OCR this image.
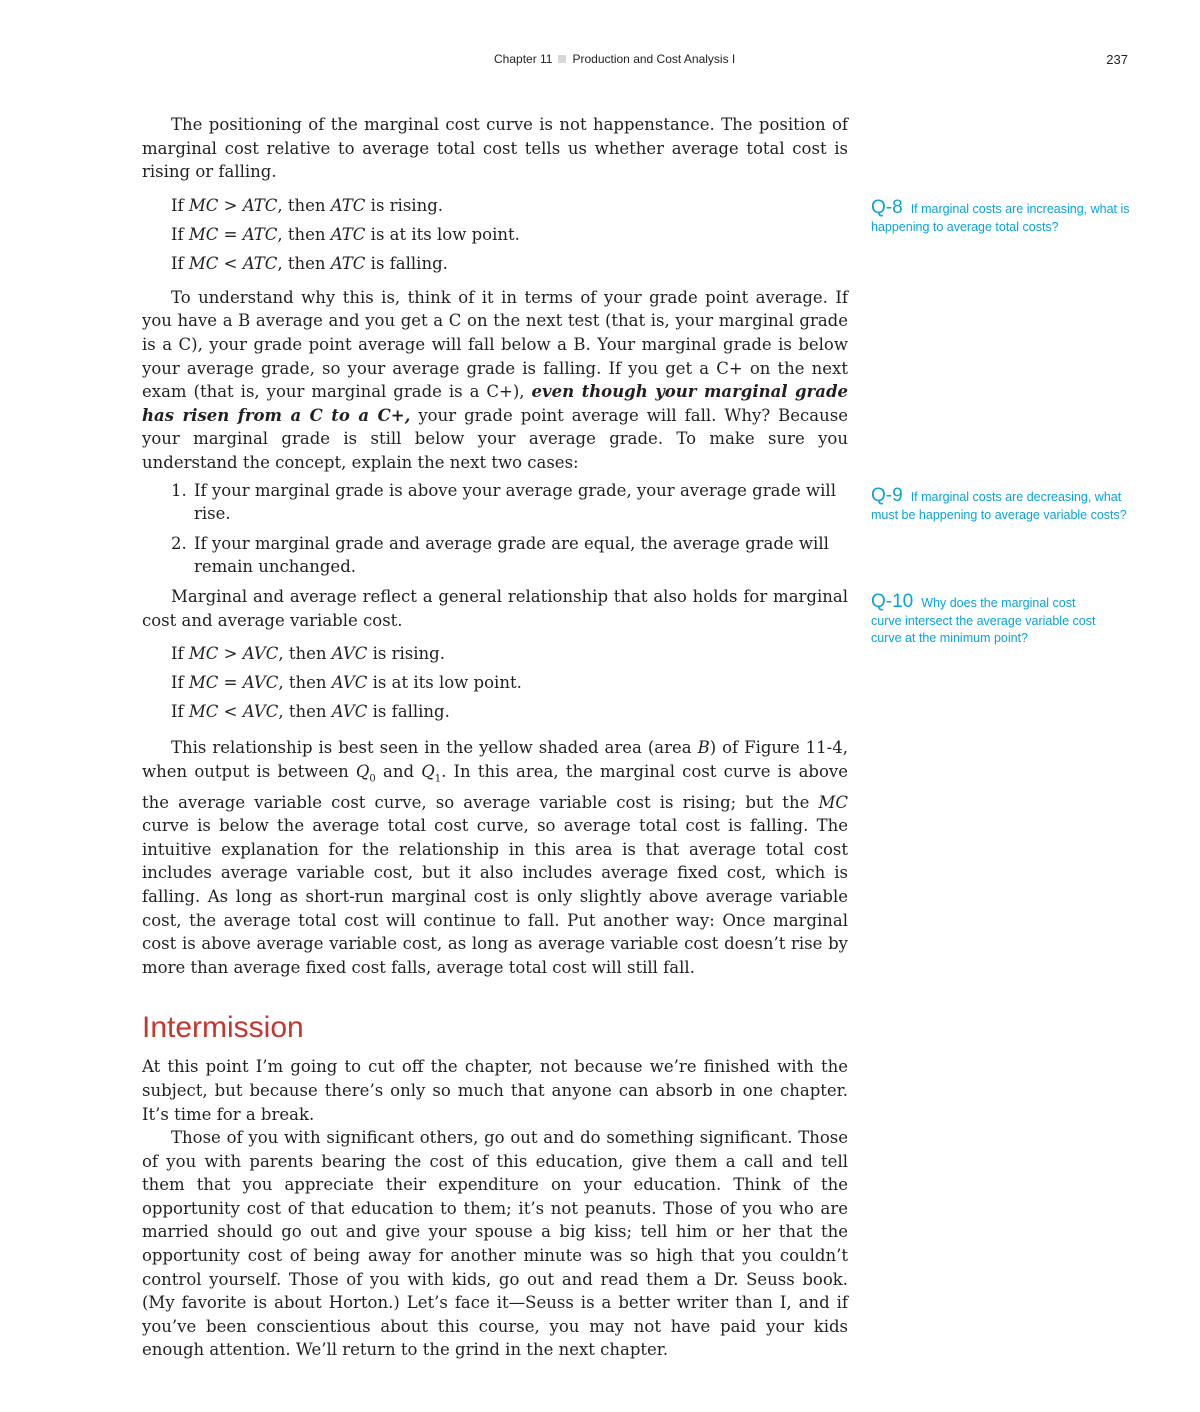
Chapter 11 Production and Cost Analysis I	237

The positioning of the marginal cost curve is not happenstance. The position of marginal cost relative to average total cost tells us whether average total cost is rising or falling.

If MC > ATC, then ATC is rising.
If MC = ATC, then ATC is at its low point.
If MC < ATC, then ATC is falling.

To understand why this is, think of it in terms of your grade point average. If you have a B average and you get a C on the next test (that is, your marginal grade is a C), your grade point average will fall below a B. Your marginal grade is below your average grade, so your average grade is falling. If you get a C+ on the next exam (that is, your marginal grade is a C+), even though your marginal grade has risen from a C to a C+, your grade point average will fall. Why? Because your marginal grade is still below your average grade. To make sure you understand the concept, explain the next two cases:

1. If your marginal grade is above your average grade, your average grade will rise.
2. If your marginal grade and average grade are equal, the average grade will remain unchanged.

Marginal and average reflect a general relationship that also holds for marginal cost and average variable cost.

If MC > AVC, then AVC is rising.
If MC = AVC, then AVC is at its low point.
If MC < AVC, then AVC is falling.

This relationship is best seen in the yellow shaded area (area B) of Figure 11-4, when output is between $Q_0$ and $Q_1$. In this area, the marginal cost curve is above the average variable cost curve, so average variable cost is rising; but the MC curve is below the average total cost curve, so average total cost is falling. The intuitive explanation for the relationship in this area is that average total cost includes average variable cost, but it also includes average fixed cost, which is falling. As long as short-run marginal cost is only slightly above average variable cost, the average total cost will continue to fall. Put another way: Once marginal cost is above average variable cost, as long as average variable cost doesn’t rise by more than average fixed cost falls, average total cost will still fall.

Intermission

At this point I’m going to cut off the chapter, not because we’re finished with the subject, but because there’s only so much that anyone can absorb in one chapter. It’s time for a break.

Those of you with significant others, go out and do something significant. Those of you with parents bearing the cost of this education, give them a call and tell them that you appreciate their expenditure on your education. Think of the opportunity cost of that education to them; it’s not peanuts. Those of you who are married should go out and give your spouse a big kiss; tell him or her that the opportunity cost of being away for another minute was so high that you couldn’t control yourself. Those of you with kids, go out and read them a Dr. Seuss book. (My favorite is about Horton.) Let’s face it—Seuss is a better writer than I, and if you’ve been conscientious about this course, you may not have paid your kids enough attention. We’ll return to the grind in the next chapter.

Q-8 If marginal costs are increasing, what is happening to average total costs?
Q-9 If marginal costs are decreasing, what must be happening to average variable costs?
Q-10 Why does the marginal cost curve intersect the average variable cost curve at the minimum point?
